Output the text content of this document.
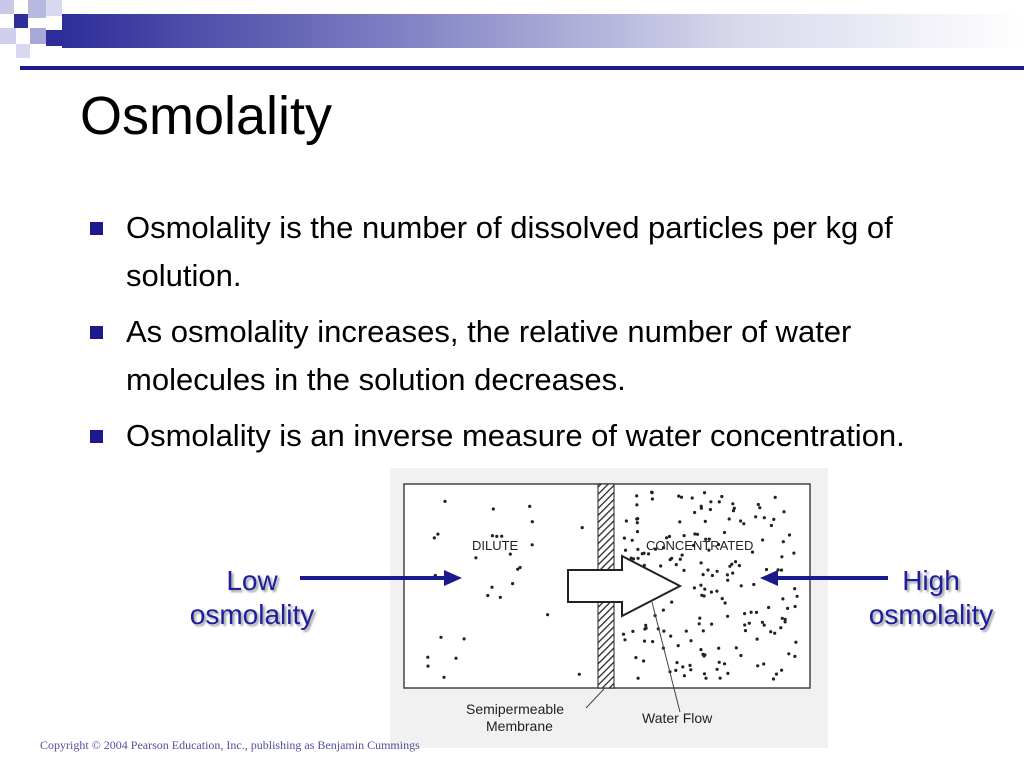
Osmolality
Osmolality is the number of dissolved particles per kg of solution.
As osmolality increases, the relative number of water molecules in the solution decreases.
Osmolality is an inverse measure of water concentration.
DILUTE	CONCENTRATED
Semipermeable
Membrane	Water Flow
Low
osmolality
High
osmolality
Copyright © 2004 Pearson Education, Inc., publishing as Benjamin Cummings
